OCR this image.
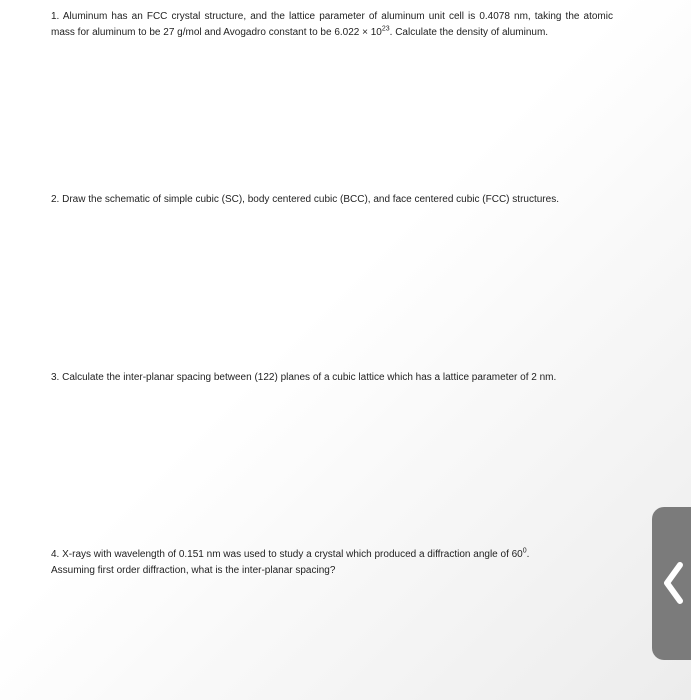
1. Aluminum has an FCC crystal structure, and the lattice parameter of aluminum unit cell is 0.4078 nm, taking the atomic mass for aluminum to be 27 g/mol and Avogadro constant to be $6.022 \times 10^{23}$. Calculate the density of aluminum.

2. Draw the schematic of simple cubic (SC), body centered cubic (BCC), and face centered cubic (FCC) structures.

3. Calculate the inter-planar spacing between (122) planes of a cubic lattice which has a lattice parameter of 2 nm.

4. X-rays with wavelength of 0.151 nm was used to study a crystal which produced a diffraction angle of $60^0$.
Assuming first order diffraction, what is the inter-planar spacing?
